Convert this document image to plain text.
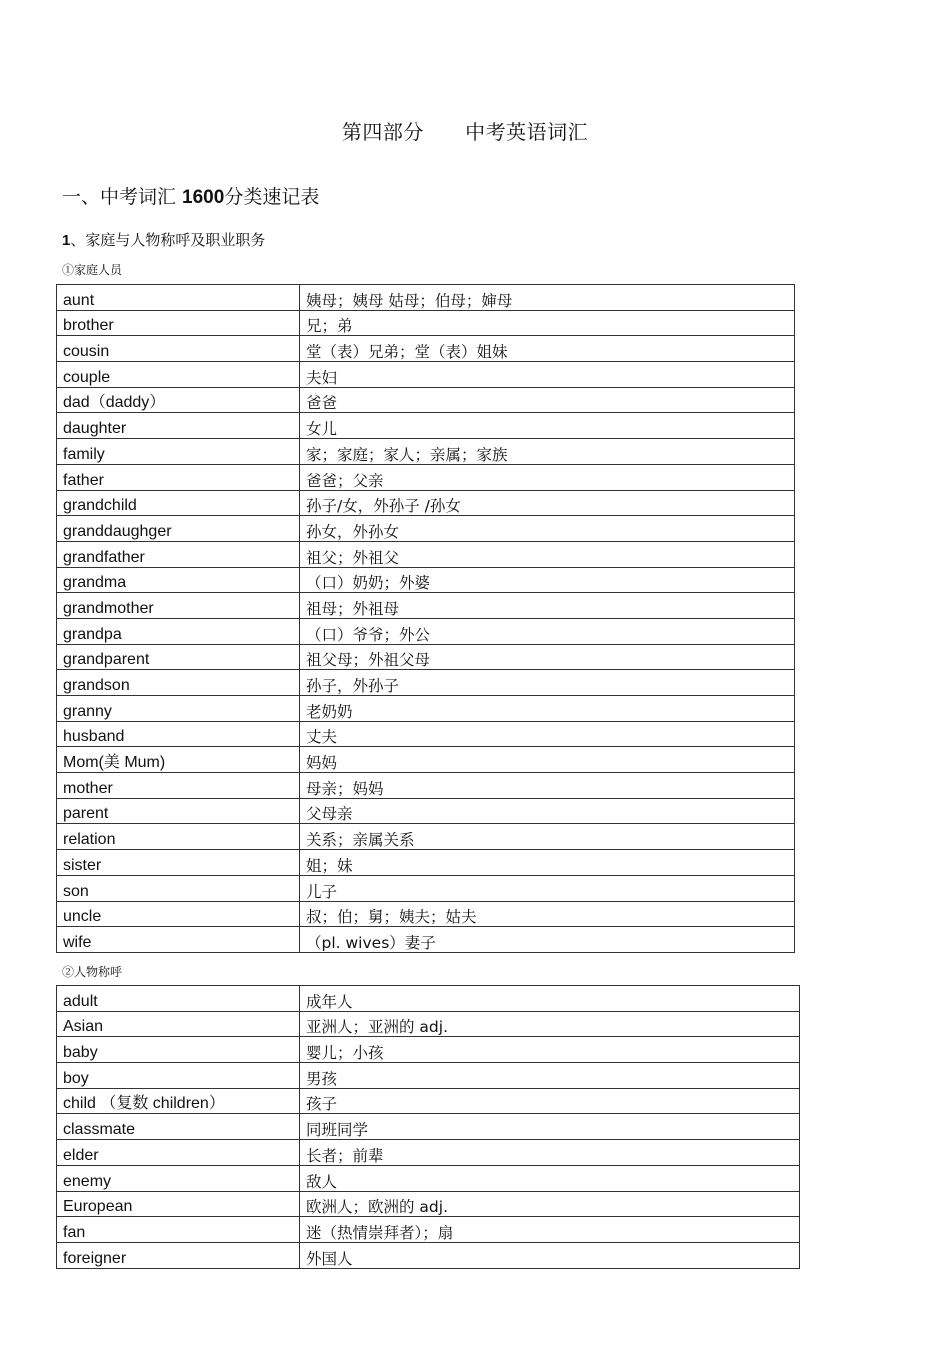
第四部分      中考英语词汇
一、中考词汇 1600分类速记表
1、家庭与人物称呼及职业职务
①家庭人员
aunt	姨母；姨母 姑母；伯母；婶母
brother	兄；弟
cousin	堂（表）兄弟；堂（表）姐妹
couple	夫妇
dad（daddy）	爸爸
daughter	女儿
family	家；家庭；家人；亲属；家族
father	爸爸；父亲
grandchild	孙子/女，外孙子 /孙女
granddaughger	孙女，外孙女
grandfather	祖父；外祖父
grandma	（口）奶奶；外婆
grandmother	祖母；外祖母
grandpa	（口）爷爷；外公
grandparent	祖父母；外祖父母
grandson	孙子，外孙子
granny	老奶奶
husband	丈夫
Mom(美 Mum)	妈妈
mother	母亲；妈妈
parent	父母亲
relation	关系；亲属关系
sister	姐；妹
son	儿子
uncle	叔；伯；舅；姨夫；姑夫
wife	（pl. wives）妻子
②人物称呼
adult	成年人
Asian	亚洲人；亚洲的 adj.
baby	婴儿；小孩
boy	男孩
child （复数 children）	孩子
classmate	同班同学
elder	长者；前辈
enemy	敌人
European	欧洲人；欧洲的 adj.
fan	迷（热情崇拜者）；扇
foreigner	外国人
